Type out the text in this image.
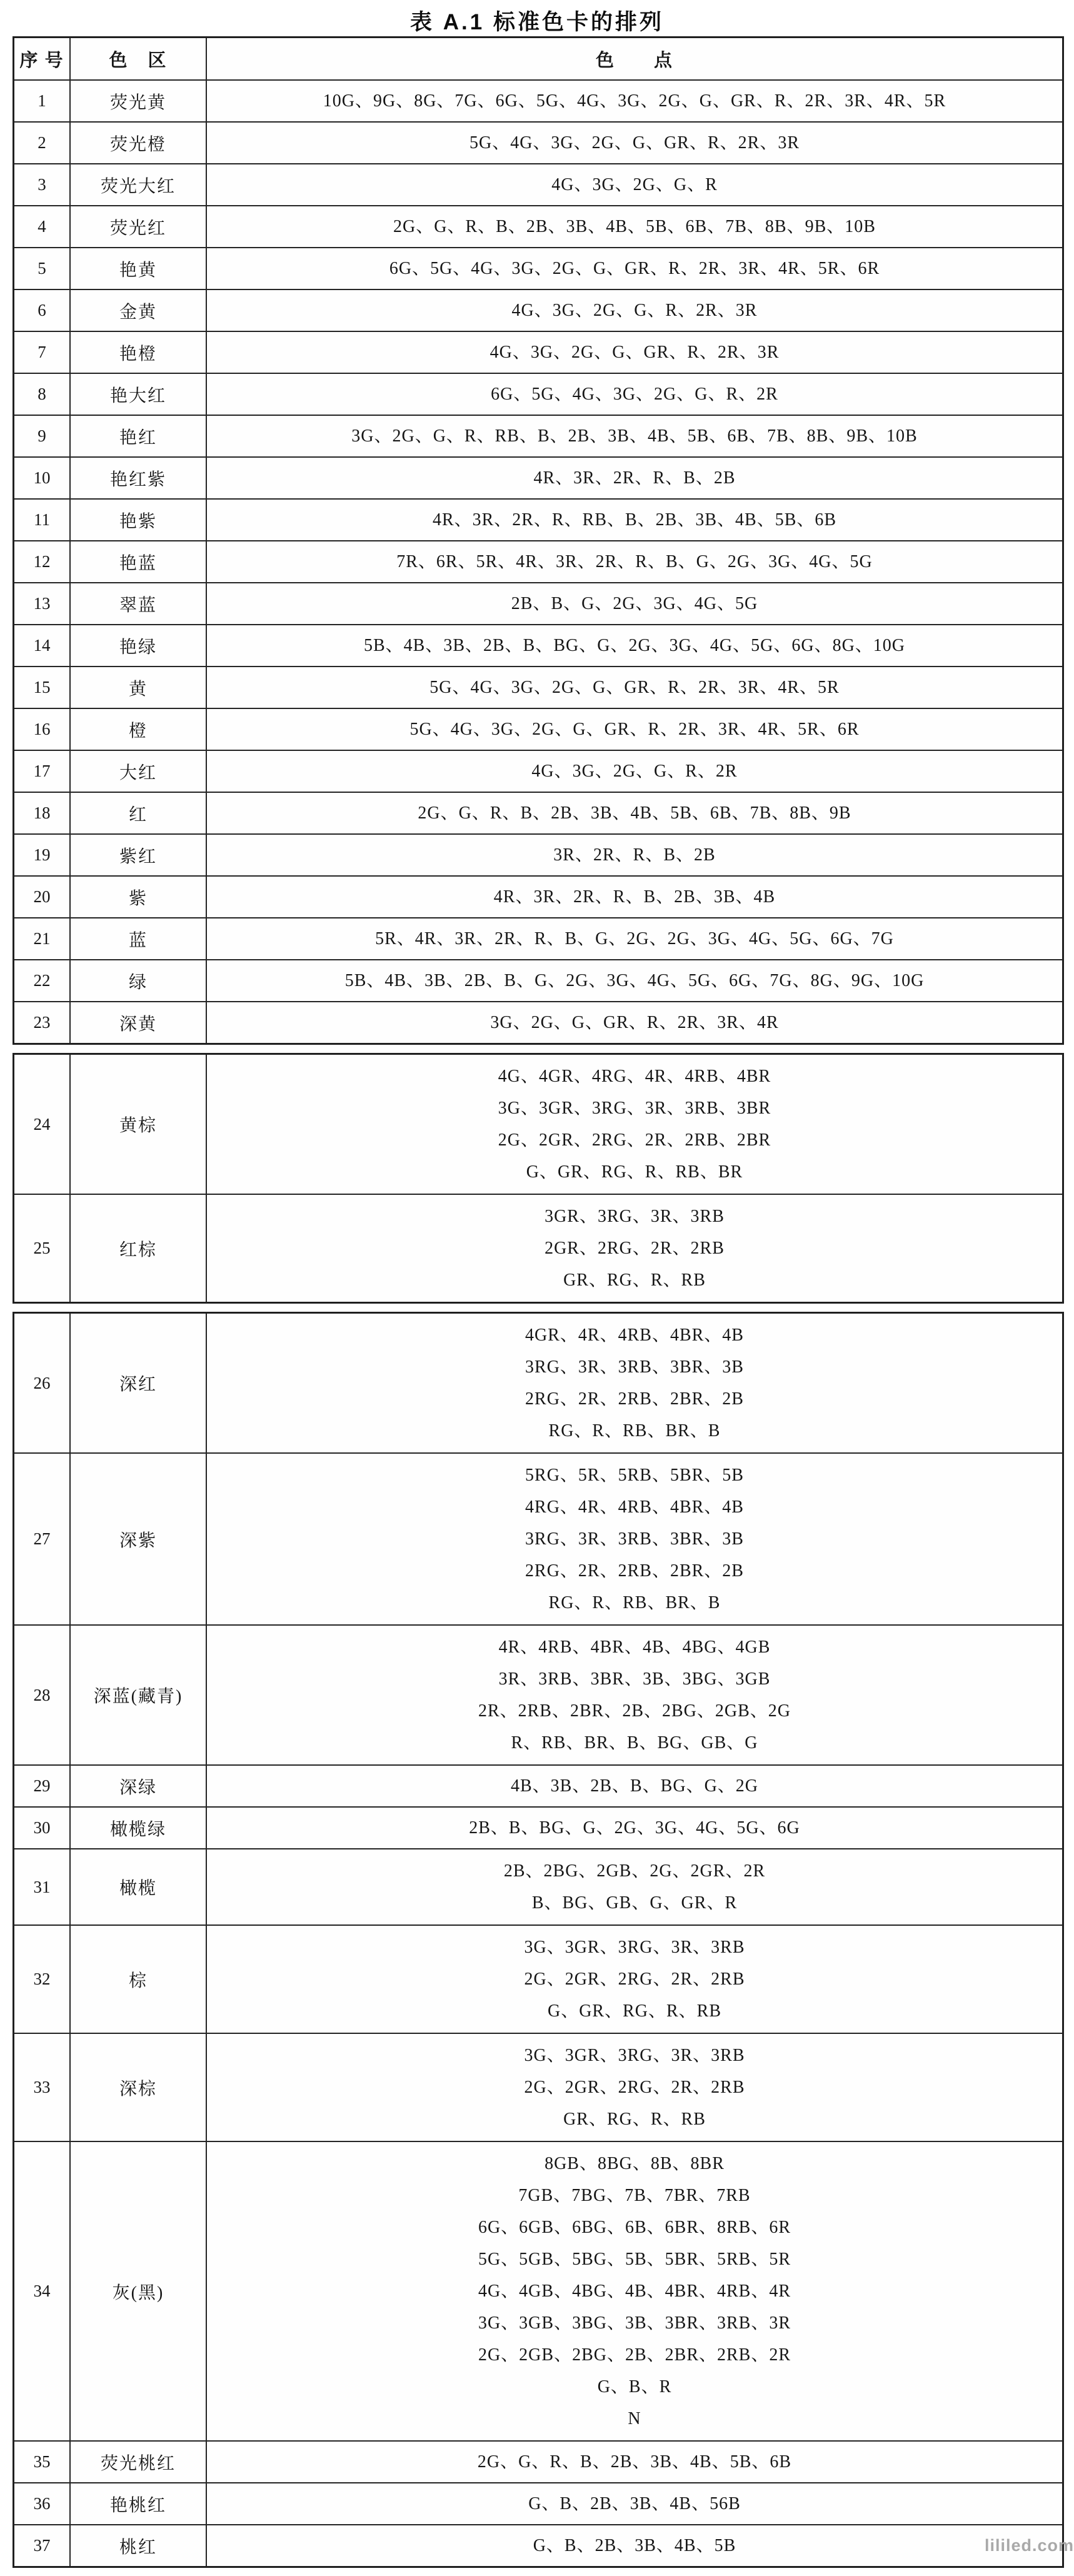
表 A.1 标准色卡的排列
序 号	色　区	色　　点
1	荧光黄	10G、9G、8G、7G、6G、5G、4G、3G、2G、G、GR、R、2R、3R、4R、5R
2	荧光橙	5G、4G、3G、2G、G、GR、R、2R、3R
3	荧光大红	4G、3G、2G、G、R
4	荧光红	2G、G、R、B、2B、3B、4B、5B、6B、7B、8B、9B、10B
5	艳黄	6G、5G、4G、3G、2G、G、GR、R、2R、3R、4R、5R、6R
6	金黄	4G、3G、2G、G、R、2R、3R
7	艳橙	4G、3G、2G、G、GR、R、2R、3R
8	艳大红	6G、5G、4G、3G、2G、G、R、2R
9	艳红	3G、2G、G、R、RB、B、2B、3B、4B、5B、6B、7B、8B、9B、10B
10	艳红紫	4R、3R、2R、R、B、2B
11	艳紫	4R、3R、2R、R、RB、B、2B、3B、4B、5B、6B
12	艳蓝	7R、6R、5R、4R、3R、2R、R、B、G、2G、3G、4G、5G
13	翠蓝	2B、B、G、2G、3G、4G、5G
14	艳绿	5B、4B、3B、2B、B、BG、G、2G、3G、4G、5G、6G、8G、10G
15	黄	5G、4G、3G、2G、G、GR、R、2R、3R、4R、5R
16	橙	5G、4G、3G、2G、G、GR、R、2R、3R、4R、5R、6R
17	大红	4G、3G、2G、G、R、2R
18	红	2G、G、R、B、2B、3B、4B、5B、6B、7B、8B、9B
19	紫红	3R、2R、R、B、2B
20	紫	4R、3R、2R、R、B、2B、3B、4B
21	蓝	5R、4R、3R、2R、R、B、G、2G、2G、3G、4G、5G、6G、7G
22	绿	5B、4B、3B、2B、B、G、2G、3G、4G、5G、6G、7G、8G、9G、10G
23	深黄	3G、2G、G、GR、R、2R、3R、4R
24	黄棕
4G、4GR、4RG、4R、4RB、4BR
3G、3GR、3RG、3R、3RB、3BR
2G、2GR、2RG、2R、2RB、2BR
G、GR、RG、R、RB、BR
25	红棕
3GR、3RG、3R、3RB
2GR、2RG、2R、2RB
GR、RG、R、RB
26	深红
4GR、4R、4RB、4BR、4B
3RG、3R、3RB、3BR、3B
2RG、2R、2RB、2BR、2B
RG、R、RB、BR、B
27	深紫
5RG、5R、5RB、5BR、5B
4RG、4R、4RB、4BR、4B
3RG、3R、3RB、3BR、3B
2RG、2R、2RB、2BR、2B
RG、R、RB、BR、B
28	深蓝(藏青)
4R、4RB、4BR、4B、4BG、4GB
3R、3RB、3BR、3B、3BG、3GB
2R、2RB、2BR、2B、2BG、2GB、2G
R、RB、BR、B、BG、GB、G
29	深绿	4B、3B、2B、B、BG、G、2G
30	橄榄绿	2B、B、BG、G、2G、3G、4G、5G、6G
31	橄榄
2B、2BG、2GB、2G、2GR、2R
B、BG、GB、G、GR、R
32	棕
3G、3GR、3RG、3R、3RB
2G、2GR、2RG、2R、2RB
G、GR、RG、R、RB
33	深棕
3G、3GR、3RG、3R、3RB
2G、2GR、2RG、2R、2RB
GR、RG、R、RB
34	灰(黑)
8GB、8BG、8B、8BR
7GB、7BG、7B、7BR、7RB
6G、6GB、6BG、6B、6BR、8RB、6R
5G、5GB、5BG、5B、5BR、5RB、5R
4G、4GB、4BG、4B、4BR、4RB、4R
3G、3GB、3BG、3B、3BR、3RB、3R
2G、2GB、2BG、2B、2BR、2RB、2R
G、B、R
N
35	荧光桃红	2G、G、R、B、2B、3B、4B、5B、6B
36	艳桃红	G、B、2B、3B、4B、56B
37	桃红	G、B、2B、3B、4B、5B	lililed.com
